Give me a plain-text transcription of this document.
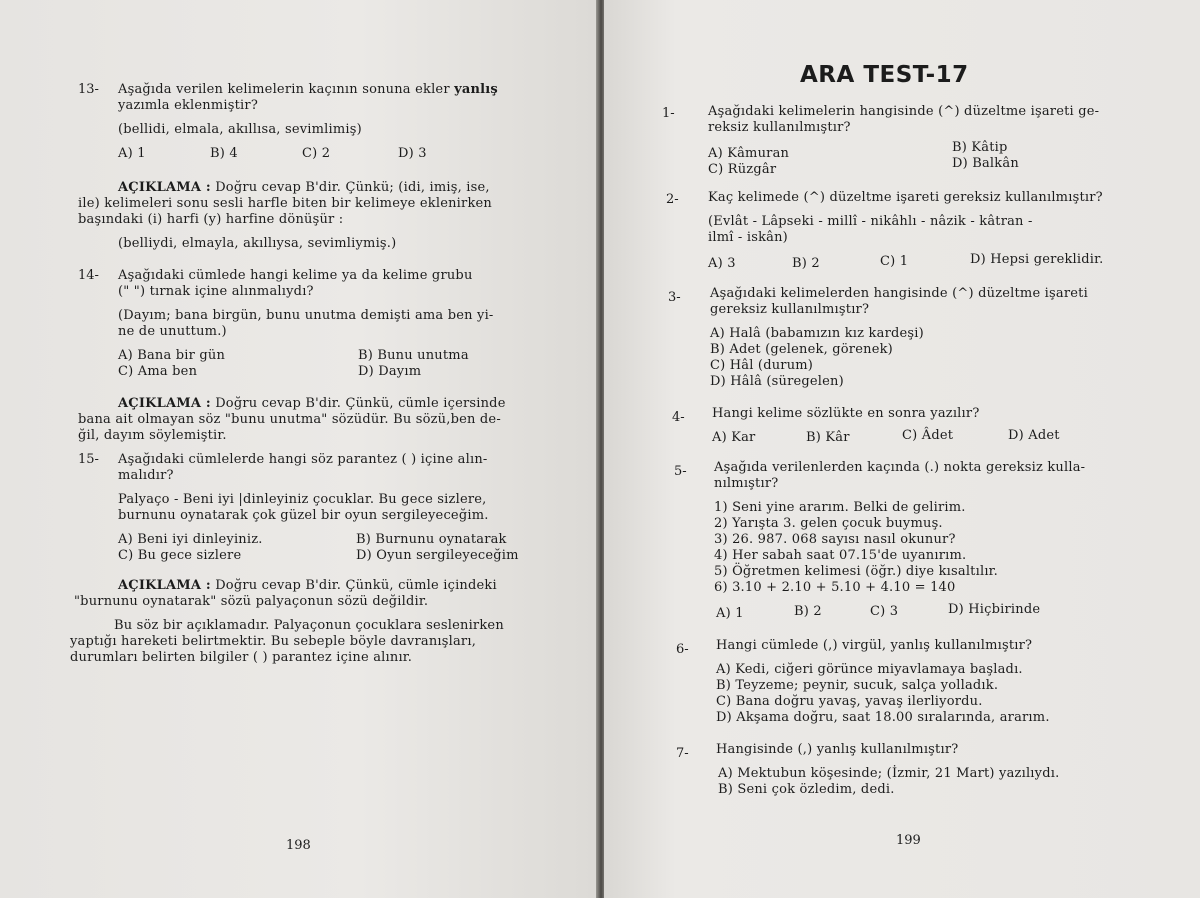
13- Aşağıda verilen kelimelerin kaçının sonuna ekler yanlış
yazımla eklenmiştir?
(bellidi, elmala, akıllısa, sevimlimiş)
A) 1	B) 4	C) 2	D) 3
AÇIKLAMA : Doğru cevap B'dir. Çünkü; (idi, imiş, ise,
ile) kelimeleri sonu sesli harfle biten bir kelimeye eklenirken
başındaki (i) harfi (y) harfine dönüşür :
(belliydi, elmayla, akıllıysa, sevimliymiş.)
14- Aşağıdaki cümlede hangi kelime ya da kelime grubu
(" ") tırnak içine alınmalıydı?
(Dayım; bana birgün, bunu unutma demişti ama ben yi-
ne de unuttum.)
A) Bana bir gün	B) Bunu unutma
C) Ama ben	D) Dayım
AÇIKLAMA : Doğru cevap B'dir. Çünkü, cümle içersinde
bana ait olmayan söz "bunu unutma" sözüdür. Bu sözü,ben de-
ğil, dayım söylemiştir.
15- Aşağıdaki cümlelerde hangi söz parantez ( ) içine alın-
malıdır?
Palyaço - Beni iyi |dinleyiniz çocuklar. Bu gece sizlere,
burnunu oynatarak çok güzel bir oyun sergileyeceğim.
A) Beni iyi dinleyiniz.	B) Burnunu oynatarak
C) Bu gece sizlere	D) Oyun sergileyeceğim
AÇIKLAMA : Doğru cevap B'dir. Çünkü, cümle içindeki
"burnunu oynatarak" sözü palyaçonun sözü değildir.
Bu söz bir açıklamadır. Palyaçonun çocuklara seslenirken
yaptığı hareketi belirtmektir. Bu sebeple böyle davranışları,
durumları belirten bilgiler ( ) parantez içine alınır.
198
ARA TEST-17
1-	Aşağıdaki kelimelerin hangisinde (^) düzeltme işareti ge-
reksiz kullanılmıştır?
A) Kâmuran	B) Kâtip
C) Rüzgâr	D) Balkân
2- Kaç kelimede (^) düzeltme işareti gereksiz kullanılmıştır?
(Evlât - Lâpseki - millî - nikâhlı - nâzik - kâtran -
ilmî - iskân)
A) 3	B) 2	C) 1	D) Hepsi gereklidir.
3- Aşağıdaki kelimelerden hangisinde (^) düzeltme işareti
gereksiz kullanılmıştır?
A) Halâ (babamızın kız kardeşi)
B) Adet (gelenek, görenek)
C) Hâl (durum)
D) Hâlâ (süregelen)
4- Hangi kelime sözlükte en sonra yazılır?
A) Kar	B) Kâr	C) Âdet	D) Adet
5- Aşağıda verilenlerden kaçında (.) nokta gereksiz kulla-
nılmıştır?
1) Seni yine ararım. Belki de gelirim.
2) Yarışta 3. gelen çocuk buymuş.
3) 26. 987. 068 sayısı nasıl okunur?
4) Her sabah saat 07.15'de uyanırım.
5) Öğretmen kelimesi (öğr.) diye kısaltılır.
6) 3.10 + 2.10 + 5.10 + 4.10 = 140
A) 1	B) 2	C) 3	D) Hiçbirinde
6- Hangi cümlede (,) virgül, yanlış kullanılmıştır?
A) Kedi, ciğeri görünce miyavlamaya başladı.
B) Teyzeme; peynir, sucuk, salça yolladık.
C) Bana doğru yavaş, yavaş ilerliyordu.
D) Akşama doğru, saat 18.00 sıralarında, ararım.
7- Hangisinde (,) yanlış kullanılmıştır?
A) Mektubun köşesinde; (İzmir, 21 Mart) yazılıydı.
B) Seni çok özledim, dedi.
199
